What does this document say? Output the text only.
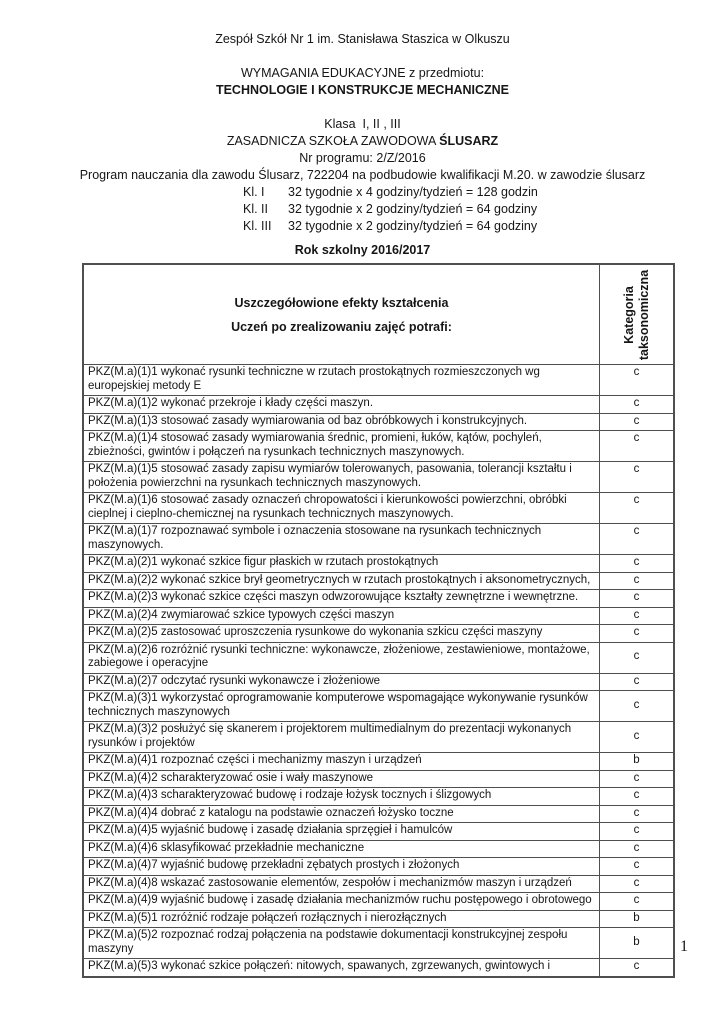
Zespół Szkół Nr 1 im. Stanisława Staszica w Olkuszu
WYMAGANIA EDUKACYJNE z przedmiotu:
TECHNOLOGIE I KONSTRUKCJE MECHANICZNE
Klasa  I, II , III
ZASADNICZA SZKOŁA ZAWODOWA ŚLUSARZ
Nr programu: 2/Z/2016
Program nauczania dla zawodu Ślusarz, 722204 na podbudowie kwalifikacji M.20. w zawodzie ślusarz
Kl. I	32 tygodnie x 4 godziny/tydzień = 128 godzin
Kl. II	32 tygodnie x 2 godziny/tydzień = 64 godziny
Kl. III	32 tygodnie x 2 godziny/tydzień = 64 godziny
Rok szkolny 2016/2017
Uszczegółowione efekty kształcenia
Uczeń po zrealizowaniu zajęć potrafi:	Kategoria taksonomiczna

PKZ(M.a)(1)1 wykonać rysunki techniczne w rzutach prostokątnych rozmieszczonych wg europejskiej metody E	c
PKZ(M.a)(1)2 wykonać przekroje i kłady części maszyn.	c
PKZ(M.a)(1)3 stosować zasady wymiarowania od baz obróbkowych i konstrukcyjnych.	c
PKZ(M.a)(1)4 stosować zasady wymiarowania średnic, promieni, łuków, kątów, pochyleń, zbieżności, gwintów i połączeń na rysunkach technicznych maszynowych.	c
PKZ(M.a)(1)5 stosować zasady zapisu wymiarów tolerowanych, pasowania, tolerancji kształtu i położenia powierzchni na rysunkach technicznych maszynowych.	c
PKZ(M.a)(1)6 stosować zasady oznaczeń chropowatości i kierunkowości powierzchni, obróbki cieplnej i cieplno-chemicznej na rysunkach technicznych maszynowych.	c
PKZ(M.a)(1)7 rozpoznawać symbole i oznaczenia stosowane na rysunkach technicznych maszynowych.	c
PKZ(M.a)(2)1 wykonać szkice figur płaskich w rzutach prostokątnych	c
PKZ(M.a)(2)2 wykonać szkice brył geometrycznych w rzutach prostokątnych i aksonometrycznych,	c
PKZ(M.a)(2)3 wykonać szkice części maszyn odwzorowujące kształty zewnętrzne i wewnętrzne.	c
PKZ(M.a)(2)4 zwymiarować szkice typowych części maszyn	c
PKZ(M.a)(2)5 zastosować uproszczenia rysunkowe do wykonania szkicu części maszyny	c
PKZ(M.a)(2)6 rozróżnić rysunki techniczne: wykonawcze, złożeniowe, zestawieniowe, montażowe, zabiegowe i operacyjne	c
PKZ(M.a)(2)7 odczytać rysunki wykonawcze i złożeniowe	c
PKZ(M.a)(3)1 wykorzystać oprogramowanie komputerowe wspomagające wykonywanie rysunków technicznych maszynowych	c
PKZ(M.a)(3)2 posłużyć się skanerem i projektorem multimedialnym do prezentacji wykonanych rysunków i projektów	c
PKZ(M.a)(4)1 rozpoznać części i mechanizmy maszyn i urządzeń	b
PKZ(M.a)(4)2 scharakteryzować osie i wały maszynowe	c
PKZ(M.a)(4)3 scharakteryzować budowę i rodzaje łożysk tocznych i ślizgowych	c
PKZ(M.a)(4)4 dobrać z katalogu na podstawie oznaczeń łożysko toczne	c
PKZ(M.a)(4)5 wyjaśnić budowę i zasadę działania sprzęgieł i hamulców	c
PKZ(M.a)(4)6 sklasyfikować przekładnie mechaniczne	c
PKZ(M.a)(4)7 wyjaśnić budowę przekładni zębatych prostych i złożonych	c
PKZ(M.a)(4)8 wskazać zastosowanie elementów, zespołów i mechanizmów maszyn i urządzeń	c
PKZ(M.a)(4)9 wyjaśnić budowę i zasadę działania mechanizmów ruchu postępowego i obrotowego	c
PKZ(M.a)(5)1 rozróżnić rodzaje połączeń rozłącznych i nierozłącznych	b
PKZ(M.a)(5)2 rozpoznać rodzaj połączenia na podstawie dokumentacji konstrukcyjnej zespołu maszyny	b
PKZ(M.a)(5)3 wykonać szkice połączeń: nitowych, spawanych, zgrzewanych, gwintowych i	c
1
